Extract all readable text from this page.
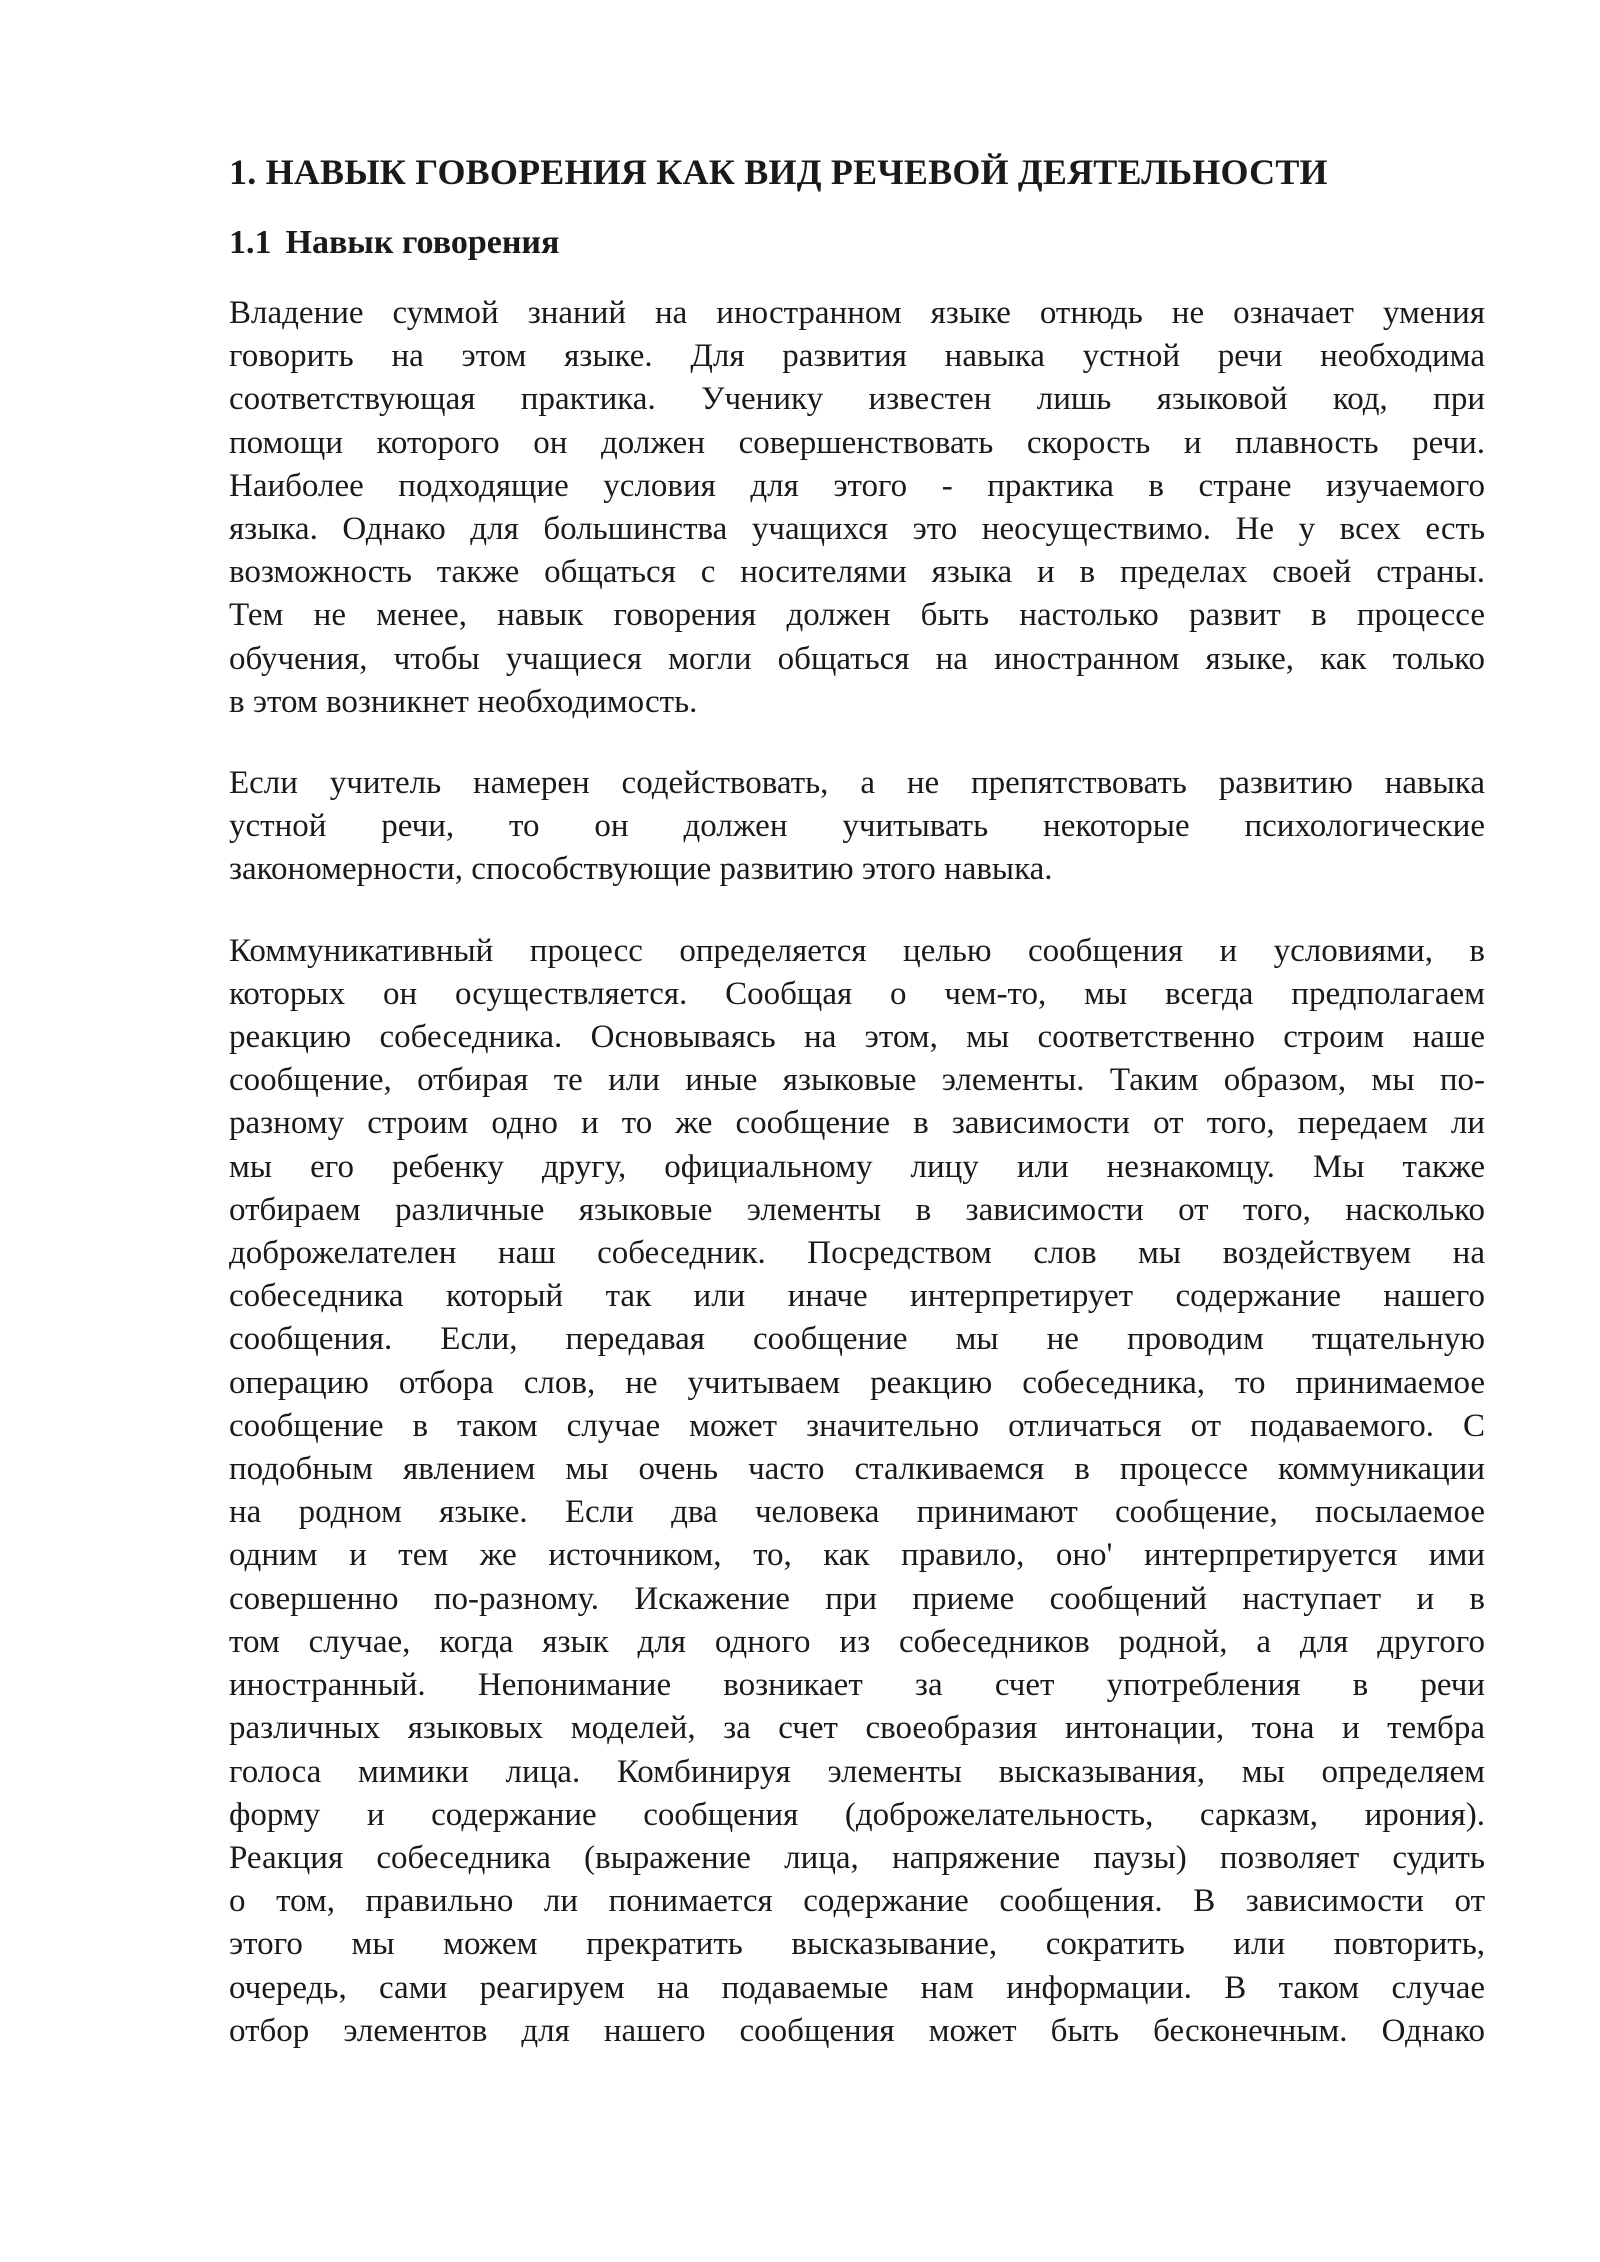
1. НАВЫК ГОВОРЕНИЯ КАК ВИД РЕЧЕВОЙ ДЕЯТЕЛЬНОСТИ
1.1 Навык говорения
Владение суммой знаний на иностранном языке отнюдь не означает умения
говорить на этом языке. Для развития навыка устной речи необходима
соответствующая практика. Ученику известен лишь языковой код, при
помощи которого он должен совершенствовать скорость и плавность речи.
Наиболее подходящие условия для этого - практика в стране изучаемого
языка. Однако для большинства учащихся это неосуществимо. Не у всех есть
возможность также общаться с носителями языка и в пределах своей страны.
Тем не менее, навык говорения должен быть настолько развит в процессе
обучения, чтобы учащиеся могли общаться на иностранном языке, как только
в этом возникнет необходимость.
Если учитель намерен содействовать, а не препятствовать развитию навыка
устной речи, то он должен учитывать некоторые психологические
закономерности, способствующие развитию этого навыка.
Коммуникативный процесс определяется целью сообщения и условиями, в
которых он осуществляется. Сообщая о чем-то, мы всегда предполагаем
реакцию собеседника. Основываясь на этом, мы соответственно строим наше
сообщение, отбирая те или иные языковые элементы. Таким образом, мы по-
разному строим одно и то же сообщение в зависимости от того, передаем ли
мы его ребенку другу, официальному лицу или незнакомцу. Мы также
отбираем различные языковые элементы в зависимости от того, насколько
доброжелателен наш собеседник. Посредством слов мы воздействуем на
собеседника который так или иначе интерпретирует содержание нашего
сообщения. Если, передавая сообщение мы не проводим тщательную
операцию отбора слов, не учитываем реакцию собеседника, то принимаемое
сообщение в таком случае может значительно отличаться от подаваемого. С
подобным явлением мы очень часто сталкиваемся в процессе коммуникации
на родном языке. Если два человека принимают сообщение, посылаемое
одним и тем же источником, то, как правило, оно' интерпретируется ими
совершенно по-разному. Искажение при приеме сообщений наступает и в
том случае, когда язык для одного из собеседников родной, а для другого
иностранный. Непонимание возникает за счет употребления в речи
различных языковых моделей, за счет своеобразия интонации, тона и тембра
голоса мимики лица. Комбинируя элементы высказывания, мы определяем
форму и содержание сообщения (доброжелательность, сарказм, ирония).
Реакция собеседника (выражение лица, напряжение паузы) позволяет судить
о том, правильно ли понимается содержание сообщения. В зависимости от
этого мы можем прекратить высказывание, сократить или повторить,
очередь, сами реагируем на подаваемые нам информации. В таком случае
отбор элементов для нашего сообщения может быть бесконечным. Однако
